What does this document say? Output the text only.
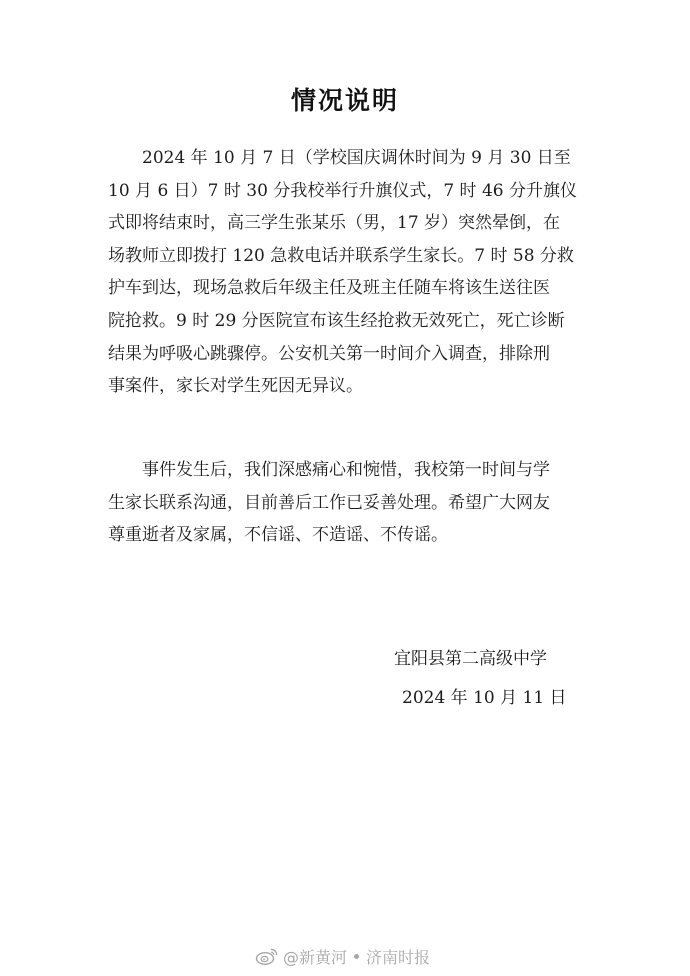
情况说明

2024 年 10 月 7 日（学校国庆调休时间为 9 月 30 日至
10 月 6 日）7 时 30 分我校举行升旗仪式，7 时 46 分升旗仪
式即将结束时，高三学生张某乐（男，17 岁）突然晕倒，在
场教师立即拨打 120 急救电话并联系学生家长。7 时 58 分救
护车到达，现场急救后年级主任及班主任随车将该生送往医
院抢救。9 时 29 分医院宣布该生经抢救无效死亡，死亡诊断
结果为呼吸心跳骤停。公安机关第一时间介入调查，排除刑
事案件，家长对学生死因无异议。

事件发生后，我们深感痛心和惋惜，我校第一时间与学
生家长联系沟通，目前善后工作已妥善处理。希望广大网友
尊重逝者及家属，不信谣、不造谣、不传谣。

宜阳县第二高级中学
2024 年 10 月 11 日
@新黄河 济南时报
